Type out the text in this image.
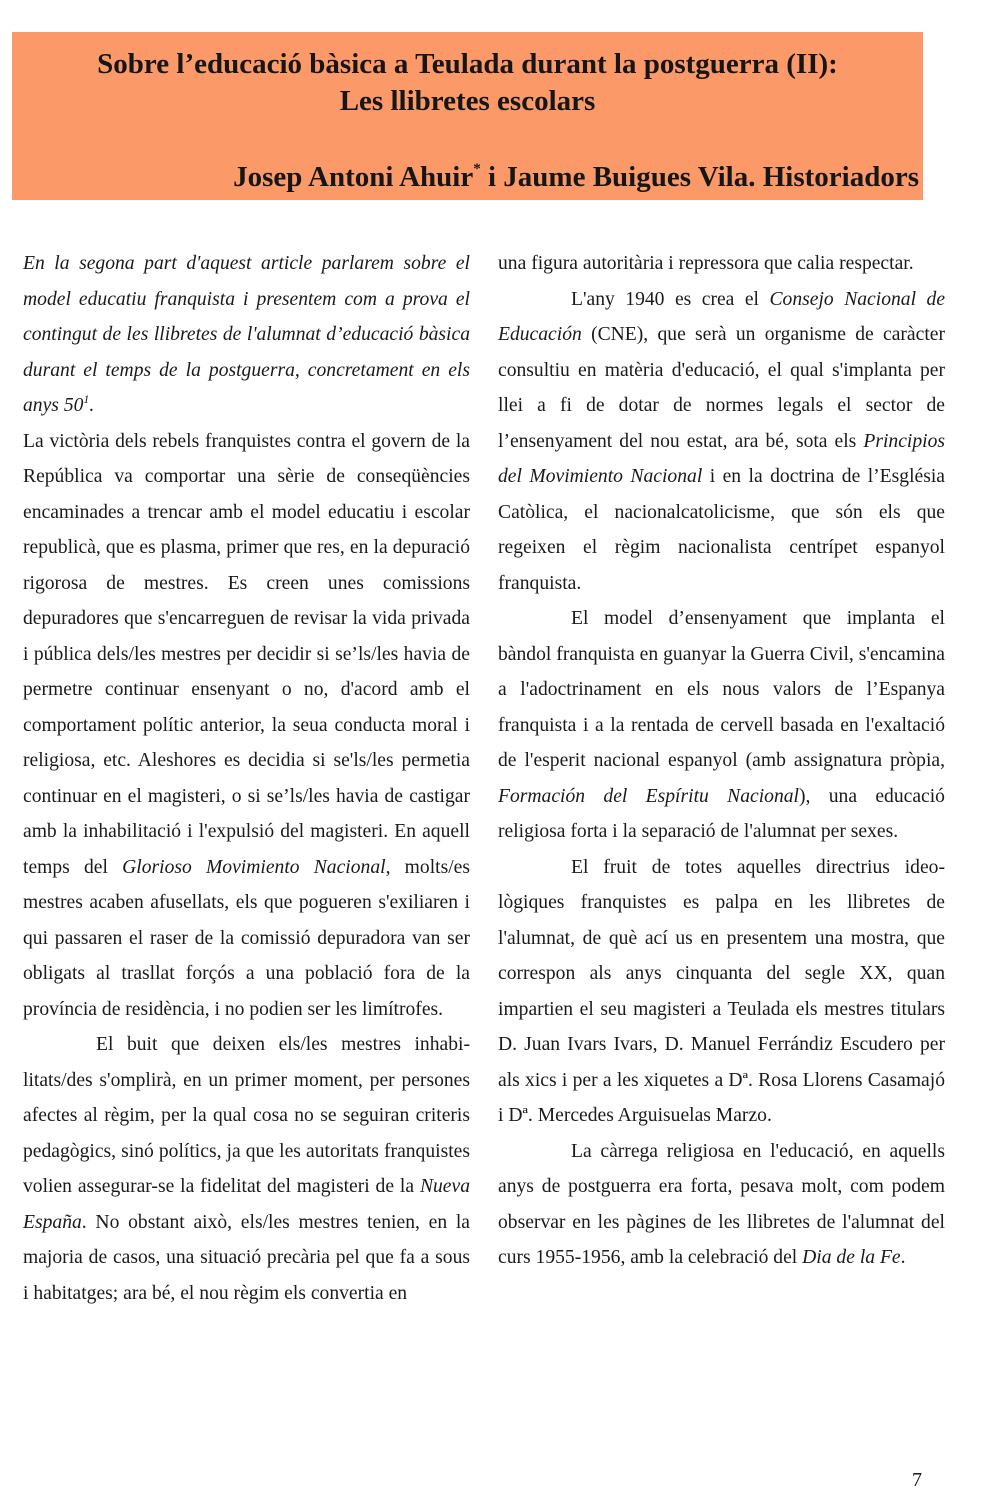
Sobre l’educació bàsica a Teulada durant la postguerra (II):
Les llibretes escolars
Josep Antoni Ahuir* i Jaume Buigues Vila. Historiadors

En la segona part d'aquest article parlarem sobre el model educatiu franquista i presentem com a prova el contingut de les llibretes de l'alumnat d’educació bàsica durant el temps de la postguerra, concretament en els anys $50^1$.

La victòria dels rebels franquistes contra el govern de la República va comportar una sèrie de conseqüències encaminades a trencar amb el model educatiu i escolar republicà, que es plasma, primer que res, en la depuració rigorosa de mestres. Es creen unes comissions depuradores que s'encarreguen de revisar la vida privada i pública dels/les mestres per decidir si se’ls/les havia de permetre continuar ensenyant o no, d'acord amb el comportament polític anterior, la seua conducta moral i religiosa, etc. Aleshores es decidia si se'ls/les permetia continuar en el magisteri, o si se’ls/les havia de castigar amb la inhabilitació i l'expulsió del magisteri. En aquell temps del Glorioso Movimiento Nacional, molts/es mestres acaben afusellats, els que pogueren s'exiliaren i qui passaren el raser de la comissió depuradora van ser obligats al trasllat forçós a una població fora de la província de residència, i no podien ser les limítrofes.

El buit que deixen els/les mestres inhabilitats/des s'omplirà, en un primer moment, per persones afectes al règim, per la qual cosa no se seguiran criteris pedagògics, sinó polítics, ja que les autoritats franquistes volien assegurar-se la fidelitat del magisteri de la Nueva España. No obstant això, els/les mestres tenien, en la majoria de casos, una situació precària pel que fa a sous i habitatges; ara bé, el nou règim els convertia en

una figura autoritària i repressora que calia respectar.

L'any 1940 es crea el Consejo Nacional de Educación (CNE), que serà un organisme de caràcter consultiu en matèria d'educació, el qual s'implanta per llei a fi de dotar de normes legals el sector de l’ensenyament del nou estat, ara bé, sota els Principios del Movimiento Nacional i en la doctrina de l’Església Catòlica, el nacionalcatolicisme, que són els que regeixen el règim nacionalista centrípet espanyol franquista.

El model d’ensenyament que implanta el bàndol franquista en guanyar la Guerra Civil, s'encamina a l'adoctrinament en els nous valors de l’Espanya franquista i a la rentada de cervell basada en l'exaltació de l'esperit nacional espanyol (amb assignatura pròpia, Formación del Espíritu Nacional), una educació religiosa forta i la separació de l'alumnat per sexes.

El fruit de totes aquelles directrius ideològiques franquistes es palpa en les llibretes de l'alumnat, de què ací us en presentem una mostra, que correspon als anys cinquanta del segle XX, quan impartien el seu magisteri a Teulada els mestres titulars D. Juan Ivars Ivars, D. Manuel Ferrándiz Escudero per als xics i per a les xiquetes a Dª. Rosa Llorens Casamajó i Dª. Mercedes Arguisuelas Marzo.

La càrrega religiosa en l'educació, en aquells anys de postguerra era forta, pesava molt, com podem observar en les pàgines de les llibretes de l'alumnat del curs 1955-1956, amb la celebració del Dia de la Fe.

7
